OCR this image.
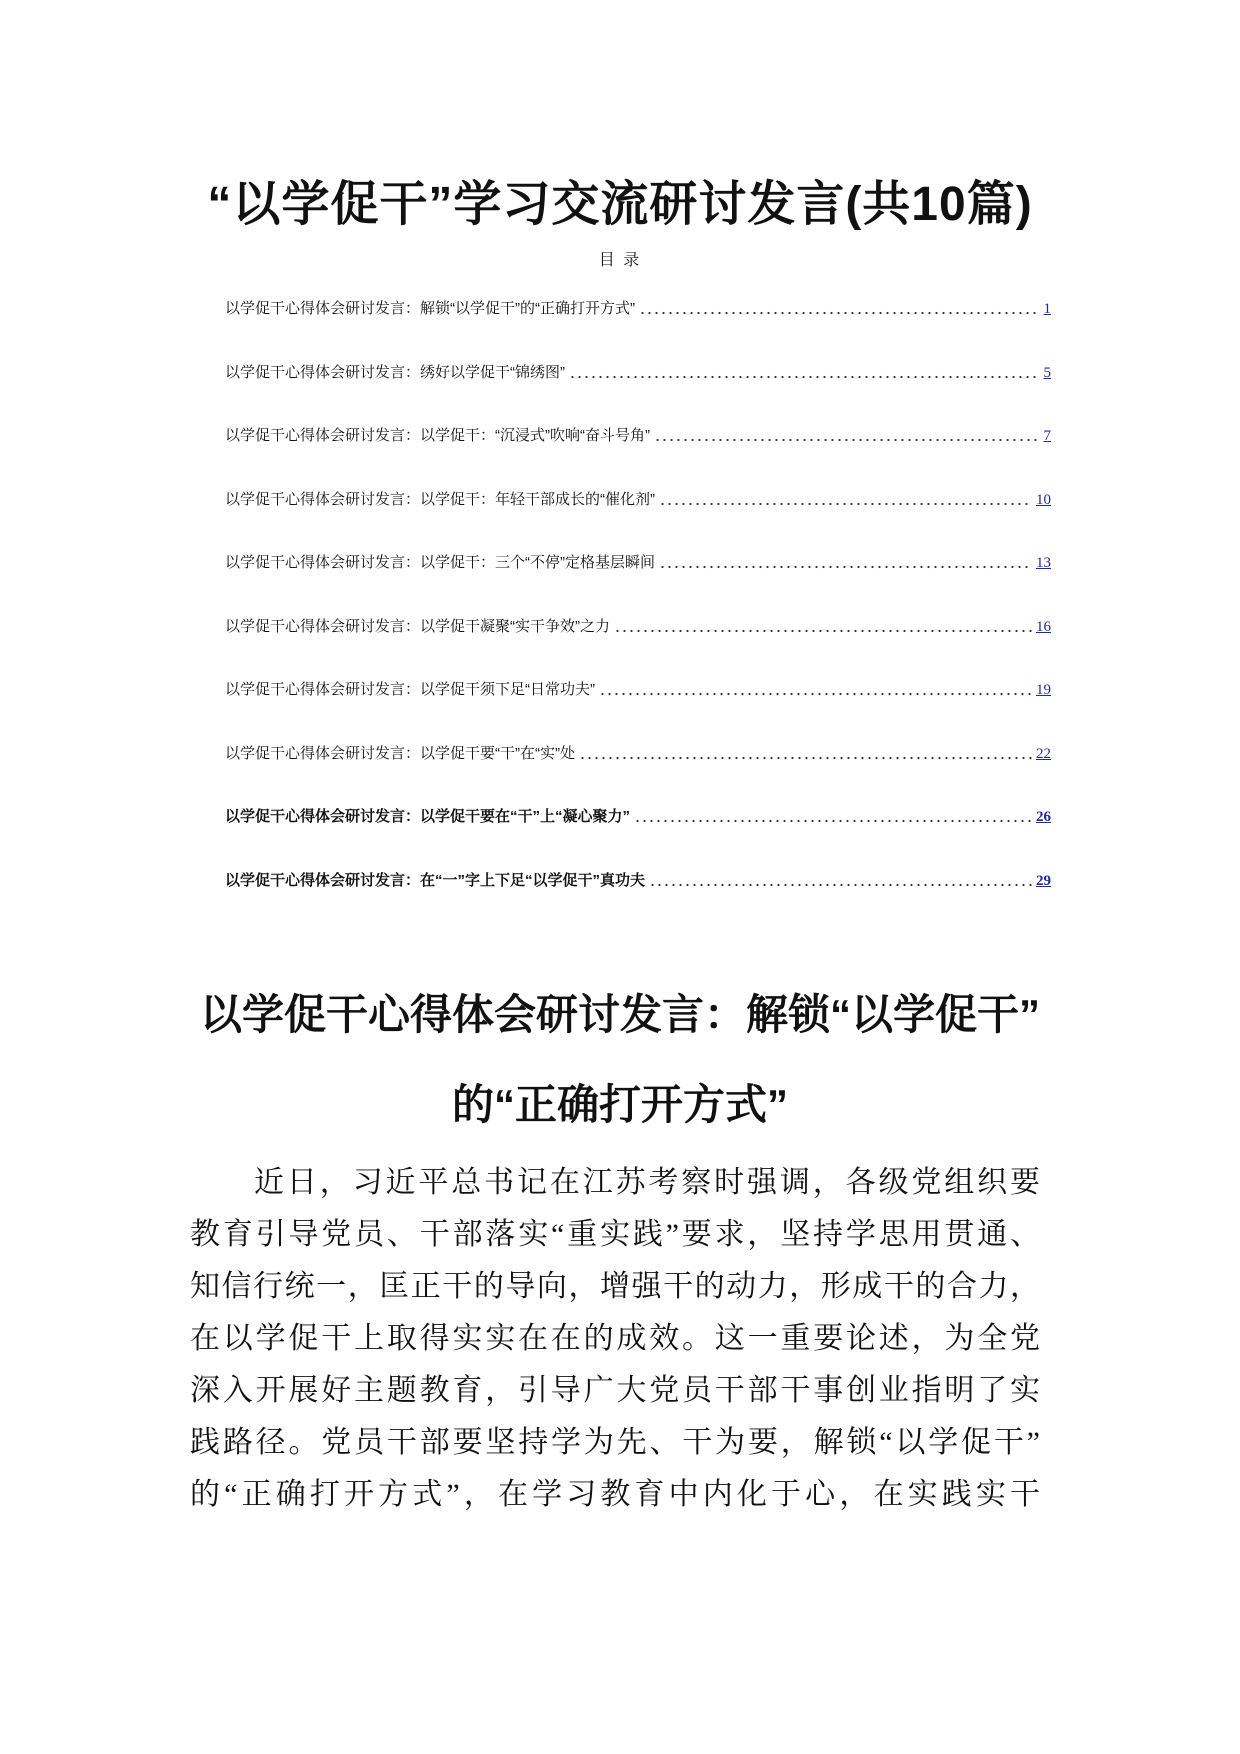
“以学促干”学习交流研讨发言(共10篇)
目 录
以学促干心得体会研讨发言：解锁“以学促干”的“正确打开方式”	1
以学促干心得体会研讨发言：绣好以学促干“锦绣图”	5
以学促干心得体会研讨发言：以学促干：“沉浸式”吹响“奋斗号角”	7
以学促干心得体会研讨发言：以学促干：年轻干部成长的“催化剂”	10
以学促干心得体会研讨发言：以学促干：三个“不停”定格基层瞬间	13
以学促干心得体会研讨发言：以学促干凝聚“实干争效”之力	16
以学促干心得体会研讨发言：以学促干须下足“日常功夫”	19
以学促干心得体会研讨发言：以学促干要“干”在“实”处	22
以学促干心得体会研讨发言：以学促干要在“干”上“凝心聚力”	26
以学促干心得体会研讨发言：在“一”字上下足“以学促干”真功夫	29
以学促干心得体会研讨发言：解锁“以学促干”
的“正确打开方式”
近日，习近平总书记在江苏考察时强调，各级党组织要
教育引导党员、干部落实“重实践”要求，坚持学思用贯通、
知信行统一，匡正干的导向，增强干的动力，形成干的合力，
在以学促干上取得实实在在的成效。这一重要论述，为全党
深入开展好主题教育，引导广大党员干部干事创业指明了实
践路径。党员干部要坚持学为先、干为要，解锁“以学促干”
的“正确打开方式”，在学习教育中内化于心，在实践实干
